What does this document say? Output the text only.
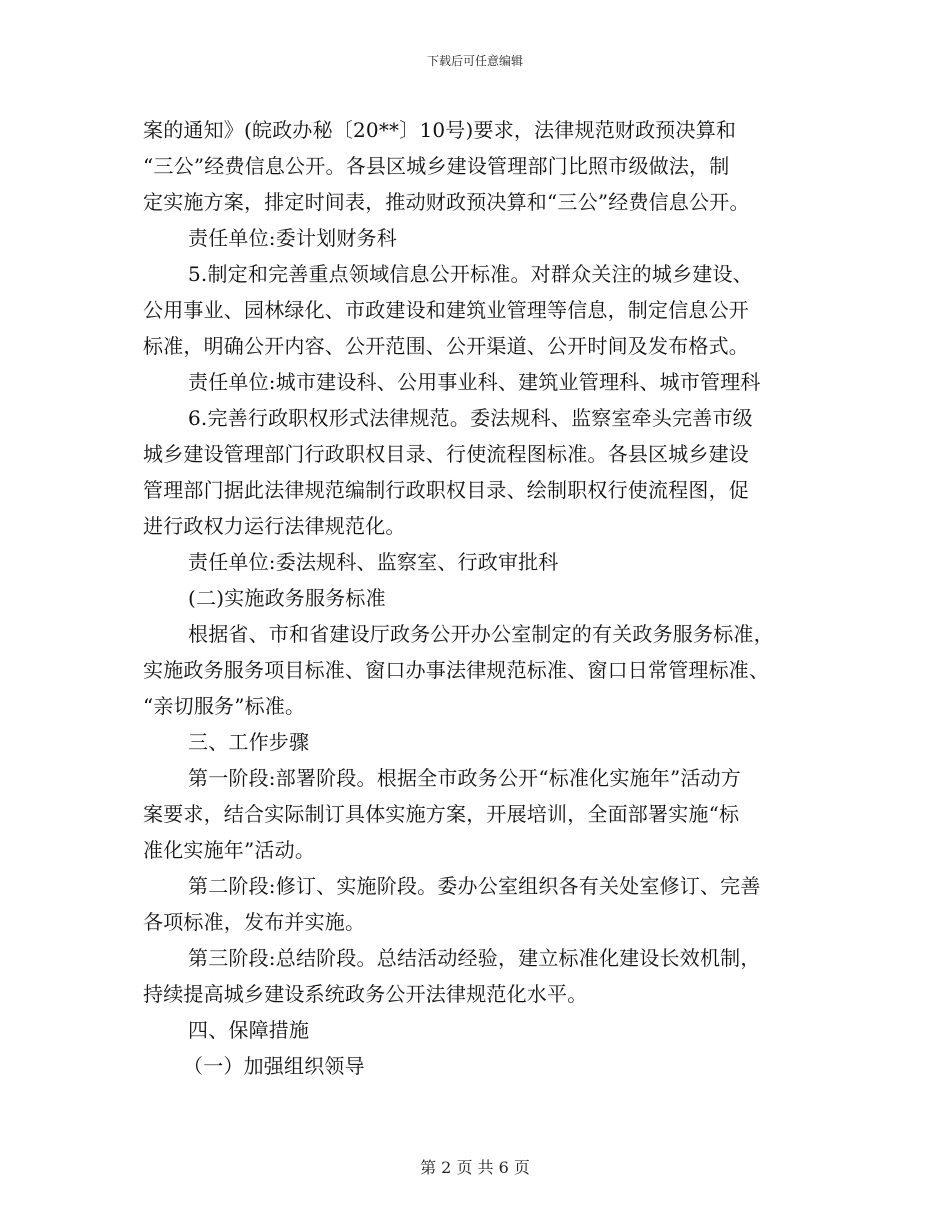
下载后可任意编辑
案的通知》(皖政办秘〔20**〕10号)要求，法律规范财政预决算和
“三公”经费信息公开。各县区城乡建设管理部门比照市级做法，制
定实施方案，排定时间表，推动财政预决算和“三公”经费信息公开。
责任单位:委计划财务科
5.制定和完善重点领域信息公开标准。对群众关注的城乡建设、
公用事业、园林绿化、市政建设和建筑业管理等信息，制定信息公开
标准，明确公开内容、公开范围、公开渠道、公开时间及发布格式。
责任单位:城市建设科、公用事业科、建筑业管理科、城市管理科
6.完善行政职权形式法律规范。委法规科、监察室牵头完善市级
城乡建设管理部门行政职权目录、行使流程图标准。各县区城乡建设
管理部门据此法律规范编制行政职权目录、绘制职权行使流程图，促
进行政权力运行法律规范化。
责任单位:委法规科、监察室、行政审批科
(二)实施政务服务标准
根据省、市和省建设厅政务公开办公室制定的有关政务服务标准，
实施政务服务项目标准、窗口办事法律规范标准、窗口日常管理标准、
“亲切服务”标准。
三、工作步骤
第一阶段:部署阶段。根据全市政务公开“标准化实施年”活动方
案要求，结合实际制订具体实施方案，开展培训，全面部署实施“标
准化实施年”活动。
第二阶段:修订、实施阶段。委办公室组织各有关处室修订、完善
各项标准，发布并实施。
第三阶段:总结阶段。总结活动经验，建立标准化建设长效机制，
持续提高城乡建设系统政务公开法律规范化水平。
四、保障措施
（一）加强组织领导
第 2 页 共 6 页
